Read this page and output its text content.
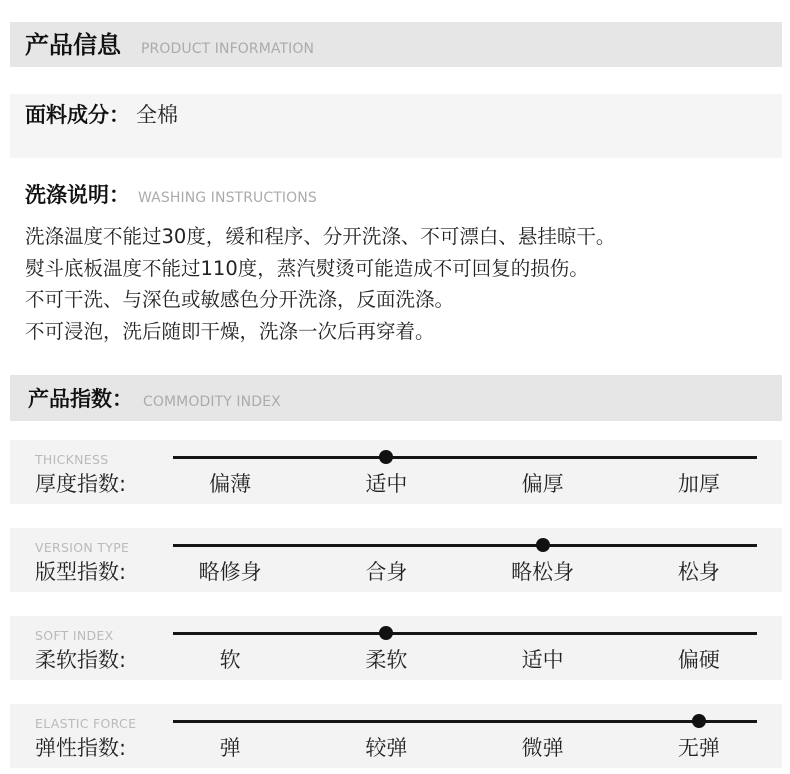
产品信息 PRODUCT INFORMATION
面料成分： 全棉
洗涤说明： WASHING INSTRUCTIONS
洗涤温度不能过30度，缓和程序、分开洗涤、不可漂白、悬挂晾干。
熨斗底板温度不能过110度，蒸汽熨烫可能造成不可回复的损伤。
不可干洗、与深色或敏感色分开洗涤，反面洗涤。
不可浸泡，洗后随即干燥，洗涤一次后再穿着。
产品指数： COMMODITY INDEX
THICKNESS
厚度指数:	偏薄	适中	偏厚	加厚
VERSION TYPE
版型指数:	略修身	合身	略松身	松身
SOFT INDEX
柔软指数:	软	柔软	适中	偏硬
ELASTIC FORCE
弹性指数:	弹	较弹	微弹	无弹
